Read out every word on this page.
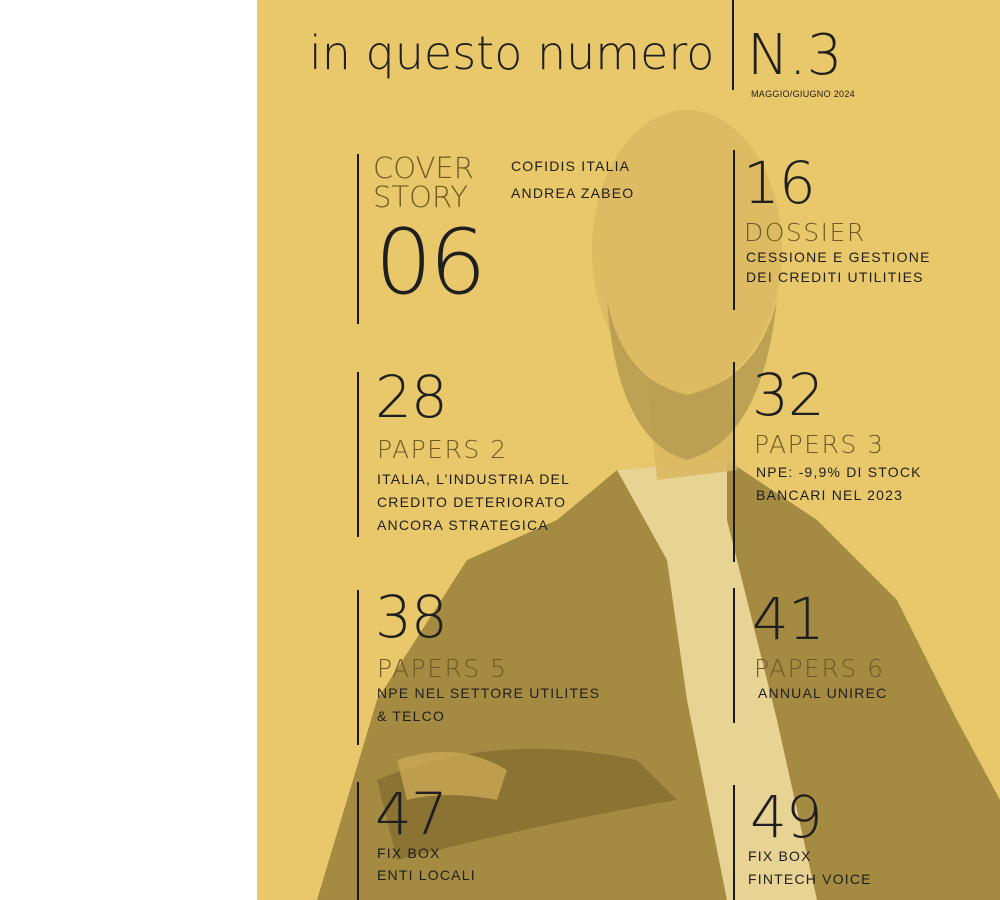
in questo numero N.3
MAGGIO/GIUGNO 2024
COVER
STORY
06
COFIDIS ITALIA
ANDREA ZABEO 16
DOSSIER
CESSIONE E GESTIONE
DEI CREDITI UTILITIES
28
PAPERS 2
ITALIA, L’INDUSTRIA DEL
CREDITO DETERIORATO
ANCORA STRATEGICA
32
PAPERS 3
NPE: -9,9% DI STOCK
BANCARI NEL 2023
38
PAPERS 5
NPE NEL SETTORE UTILITES
& TELCO
41
PAPERS 6
ANNUAL UNIREC
47
FIX BOX
ENTI LOCALI
49
FIX BOX
FINTECH VOICE
